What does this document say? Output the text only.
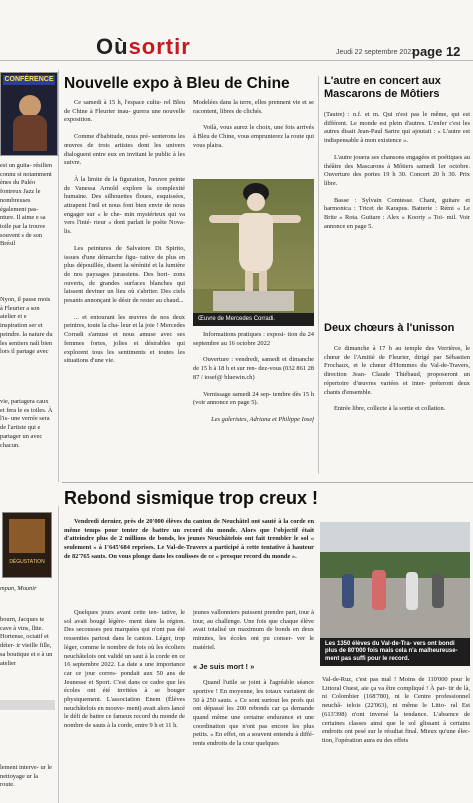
Oùsortir	Jeudi 22 septembre 2022
page 12
CONFÉRENCE
est un guita- résilien connu st notamment ènes du Paléo fontreux Jazz le nombreuses également pas- nture. Il aime e sa toile par la trouve souvent s de son Brésil
Nyon, il passe mois à Fleurier a son atelier et e inspiration ser et peindre. la nature du les sentiers naît bien lors il partage avec
vie, partagera caux et fera le es toiles. À l'is- une verrée sera de l'artiste qui e partager un avec chacun.
DÉGUSTATION
mpan, Mounir
bourn, Jacques te cave à vins, llite. Hortense, ociatif et déter- ir vieille fille, sa boutique et e à un atelier
lement interve- ur le nettoyage ur la route.
Nouvelle expo à Bleu de Chine

Ce samedi à 15 h, l'espace cultu- rel Bleu de Chine à Fleurier inau- gurera une nouvelle exposition.

Comme d'habitude, nous pré- senterons les œuvres de trois artistes dont les univers dialoguent entre eux en invitant le public à les suivre.

À la limite de la figuration, l'œuvre peinte de Vanessa Arnold explore la complexité humaine. Des silhouettes floues, esquissées, attrapent l'œil et nous font bien envie de nous engager sur « le che- min mystérieux qui va vers l'inté- rieur » dont parlait le poète Nova- lis.

Les peintures de Salvatore Di Spirito, issues d'une démarche figu- rative de plus en plus dépouillée, disent la sérénité et la lumière de nos paysages jurassiens. Des hori- zons ouverts, de grandes surfaces blanches qui laissent deviner un lieu où s'abriter. Des ciels pesants annonçant le désir de rester au chaud...

... et entourant les œuvres de nos deux peintres, toute la cha- leur et la joie ! Mercedes Corradi s'amuse et nous amuse avec ses femmes fortes, jolies et désirables qui explorent tous les sentiments et toutes les situations d'une vie.

Modelées dans la terre, elles prennent vie et se racontent, libres de clichés.

Voilà, vous aurez le choix, une fois arrivés à Bleu de Chine, vous emprunterez la route qui vous plaira.

Œuvre de Mercedes Corradi.

Informations pratiques : exposi- tion du 24 septembre au 16 octobre 2022

Ouverture : vendredi, samedi et dimanche de 15 h à 18 h et sur ren- dez-vous (032 861 28 87 / iosef@ bluewin.ch)

Vernissage samedi 24 sep- tembre dès 15 h (voir annonce en page 5).

Les galeristes, Adriana et Philippe Iosef

L'autre en concert aux Mascarons de Môtiers

(Tautre) : n.f. et m. Qui n'est pas le même, qui est différent. Le monde est plein d'autres. L'enfer c'est les autres disait Jean-Paul Sartre qui ajoutait : « L'autre est indispensable à mon existence ».

L'autre jouera ses chansons engagées et poétiques au théâtre des Mascarons à Môtiers samedi 1er octobre. Ouverture des portes 19 h 30. Concert 20 h 30. Prix libre.

Basse : Sylvain Comtesse. Chant, guitare et harmonica : Tricet de Karapus. Batterie : Rémi « Le Brite » Rota. Guitare : Alex « Koorty » Toi- mil. Voir annonce en page 5.

Deux chœurs à l'unisson

Ce dimanche à 17 h au temple des Verrières, le chœur de l'Amitié de Fleurier, dirigé par Sébastien Frochaux, et le chœur d'Hommes du Val-de-Travers, direction Jean- Claude Thiébaud, proposeront un répertoire d'œuvres variées et inter- préteront deux chants d'ensemble.

Entrée libre, collecte à la sortie et collation.

Rebond sismique trop creux !

Vendredi dernier, près de 20'000 élèves du canton de Neuchâtel ont sauté à la corde en même temps pour tenter de battre un record du monde. Alors que l'objectif était d'atteindre plus de 2 millions de bonds, les jeunes Neuchâtelois ont fait trembler le sol « seulement » à 1'645'684 reprises. Le Val-de-Travers a participé à cette tentative à hauteur de 82'765 sauts. On vous plonge dans les coulisses de ce « presque record du monde ».

Les 1350 élèves du Val-de-Tra- vers ont bondi plus de 80'000 fois mais cela n'a malheureuse- ment pas suffi pour le record.

Quelques jours avant cette ten- tative, le sol avait bougé légère- ment dans la région. Des secousses peu marquées qui n'ont pas été ressenties partout dans le canton. Léger, trop léger, comme le nombre de fois où les écoliers neuchâtelois ont validé un saut à la corde en ce 16 septembre 2022. La date a une importance car ce jour corres- pondait aux 50 ans de Jeunesse et Sport. C'est dans ce cadre que les écoles ont été invitées à se bouger physiquement. L'association Enem (Élèves neuchâtelois en mouve- ment) avait alors lancé le défi de battre ce fameux record du monde de nombre de sauts à la corde, entre 9 h et 11 h.

jeunes vallonniers puissent prendre part, tour à tour, au challenge. Une fois que chaque élève avait totalisé un maximum de bonds en deux minutes, les écoles ont pu conser- ver le matériel.

« Je suis mort ! »

Quand l'utile se joint à l'agréable séance sportive ! En moyenne, les totaux variaient de 50 à 250 sauts. « Ce sont surtout les profs qui ont dépassé les 200 rebonds car ça demande quand même une certaine endurance et une coordination que n'ont pas encore les plus petits. » En effet, on a souvent entendu à diffé- rents endroits de la cour quelques

Val-de-Ruz, c'est pas mal ! Moins de 110'000 pour le Littoral Ouest, aie ça va être compliqué ! À par- tir de là, ni Colombier (168'780), ni le Centre professionnel neuchâ- telois (22'063), ni même le Litto- ral Est (613'398) n'ont inversé la tendance. L'absence de certaines classes ainsi que le sol glissant à certains endroits ont pesé sur le résultat final. Mieux qu'une élec- tion, l'opération aura eu des effets
